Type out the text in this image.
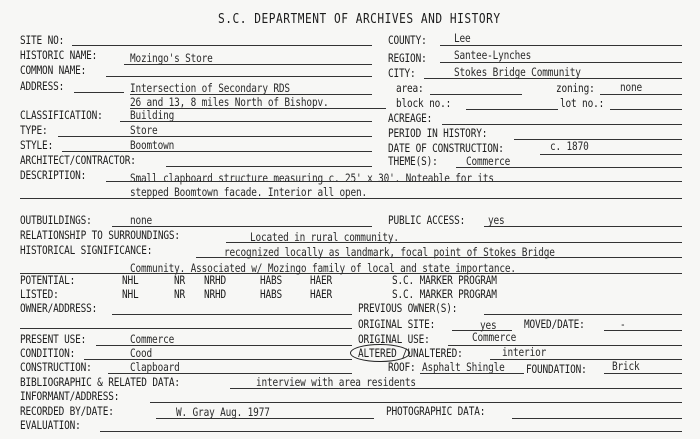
S.C. DEPARTMENT OF ARCHIVES AND HISTORY
SITE NO:
HISTORIC NAME:	Mozingo's Store
COMMON NAME:
ADDRESS:	Intersection of Secondary RDS
26 and 13, 8 miles North of Bishopv.
CLASSIFICATION: Building
TYPE:	Store
STYLE:	Boomtown
ARCHITECT/CONTRACTOR:
DESCRIPTION:	Small clapboard structure measuring c. 25' x 30'. Noteable for its
stepped Boomtown facade. Interior all open.
COUNTY: Lee
REGION: Santee-Lynches
CITY:	Stokes Bridge Community
area:	zoning: none
block no.:	lot no.:
ACREAGE:
PERIOD IN HISTORY:
DATE OF CONSTRUCTION:	c. 1870
THEME(S): Commerce
OUTBUILDINGS:	none	PUBLIC ACCESS: yes
RELATIONSHIP TO SURROUNDINGS:	Located in rural community.
HISTORICAL SIGNIFICANCE:	recognized locally as landmark, focal point of Stokes Bridge
Community. Associated w/ Mozingo family of local and state importance.
POTENTIAL:	NHL	NR NRHD	HABS HAER	S.C. MARKER PROGRAM
LISTED:	NHL	NR NRHD	HABS HAER	S.C. MARKER PROGRAM
OWNER/ADDRESS:	PREVIOUS OWNER(S):
ORIGINAL SITE:	yes MOVED/DATE:	-
PRESENT USE:	Commerce	ORIGINAL USE:	Commerce
CONDITION:	Cood	ALTERED /UNALTERED:	interior
CONSTRUCTION:	Clapboard	ROOF: Asphalt Shingle FOUNDATION: Brick
BIBLIOGRAPHIC & RELATED DATA:	interview with area residents
INFORMANT/ADDRESS:
RECORDED BY/DATE:	W. Gray Aug. 1977	PHOTOGRAPHIC DATA:
EVALUATION:
